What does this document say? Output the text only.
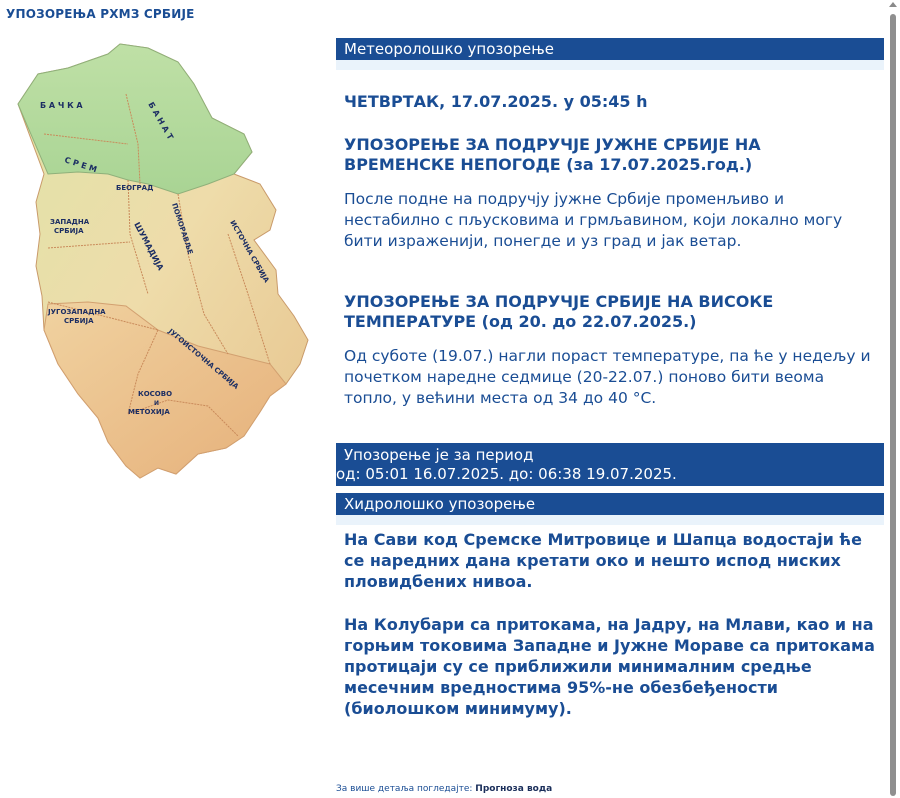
УПОЗОРЕЊА РХМЗ СРБИЈЕ
Б А Ч К А	Б А Н А Т
С Р Е М
БЕОГРАД
ЗАПАДНА
СРБИЈА	ШУМАДИЈА ПОМОРАВЉЕ	ИСТОЧНА СРБИЈА
ЈУГОЗАПАДНА
СРБИЈА
ЈУГОИСТОЧНА СРБИЈА
КОСОВО
И
МЕТОХИЈА
Метеоролошко упозорење
ЧЕТВРТАК, 17.07.2025. у 05:45 h
УПОЗОРЕЊЕ ЗА ПОДРУЧЈЕ ЈУЖНЕ СРБИЈЕ НА ВРЕМЕНСКЕ НЕПОГОДЕ (за 17.07.2025.год.)
После подне на подручју јужне Србије променљиво и нестабилно с пљусковима и грмљавином, који локално могу бити израженији, понегде и уз град и јак ветар.
УПОЗОРЕЊЕ ЗА ПОДРУЧЈЕ СРБИЈЕ НА ВИСОКЕ ТЕМПЕРАТУРЕ (од 20. до 22.07.2025.)
Од суботе (19.07.) нагли пораст температуре, па ће у недељу и почетком наредне седмице (20-22.07.) поново бити веома топло, у већини места од 34 до 40 °C.
Упозорење је за период
од: 05:01 16.07.2025. до: 06:38 19.07.2025.
Хидролошко упозорење
На Сави код Сремске Митровице и Шапца водостаји ће се наредних дана кретати око и нешто испод ниских пловидбених нивоа.
На Колубари са притокама, на Јадру, на Млави, као и на горњим токовима Западне и Јужне Мораве са притокама протицаји су се приближили минималним средње месечним вредностима 95%-не обезбеђености (биолошком минимуму).
За више детаља погледајте: Прогноза вода
